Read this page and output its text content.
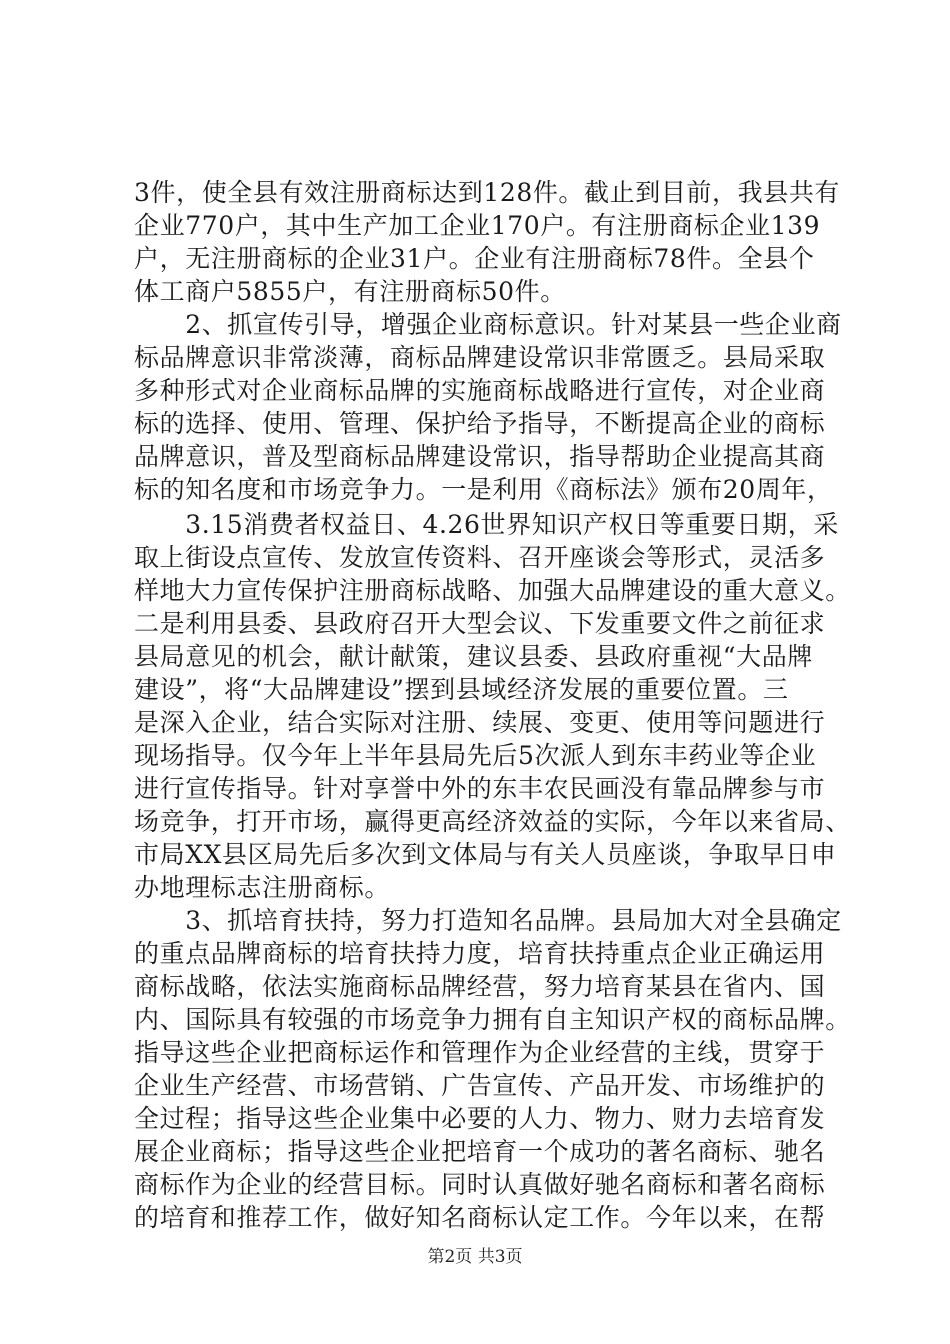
3件，使全县有效注册商标达到128件。截止到目前，我县共有
企业770户，其中生产加工企业170户。有注册商标企业139
户，无注册商标的企业31户。企业有注册商标78件。全县个
体工商户5855户，有注册商标50件。

　　2、抓宣传引导，增强企业商标意识。针对某县一些企业商
标品牌意识非常淡薄，商标品牌建设常识非常匮乏。县局采取
多种形式对企业商标品牌的实施商标战略进行宣传，对企业商
标的选择、使用、管理、保护给予指导，不断提高企业的商标
品牌意识，普及型商标品牌建设常识，指导帮助企业提高其商
标的知名度和市场竞争力。一是利用《商标法》颁布20周年，

　　3.15消费者权益日、4.26世界知识产权日等重要日期，采
取上街设点宣传、发放宣传资料、召开座谈会等形式，灵活多
样地大力宣传保护注册商标战略、加强大品牌建设的重大意义。
二是利用县委、县政府召开大型会议、下发重要文件之前征求
县局意见的机会，献计献策，建议县委、县政府重视“大品牌
建设”，将“大品牌建设”摆到县域经济发展的重要位置。三
是深入企业，结合实际对注册、续展、变更、使用等问题进行
现场指导。仅今年上半年县局先后5次派人到东丰药业等企业
进行宣传指导。针对享誉中外的东丰农民画没有靠品牌参与市
场竞争，打开市场，赢得更高经济效益的实际，今年以来省局、
市局XX县区局先后多次到文体局与有关人员座谈，争取早日申
办地理标志注册商标。

　　3、抓培育扶持，努力打造知名品牌。县局加大对全县确定
的重点品牌商标的培育扶持力度，培育扶持重点企业正确运用
商标战略，依法实施商标品牌经营，努力培育某县在省内、国
内、国际具有较强的市场竞争力拥有自主知识产权的商标品牌。
指导这些企业把商标运作和管理作为企业经营的主线，贯穿于
企业生产经营、市场营销、广告宣传、产品开发、市场维护的
全过程；指导这些企业集中必要的人力、物力、财力去培育发
展企业商标；指导这些企业把培育一个成功的著名商标、驰名
商标作为企业的经营目标。同时认真做好驰名商标和著名商标
的培育和推荐工作，做好知名商标认定工作。今年以来，在帮

第2页 共3页
